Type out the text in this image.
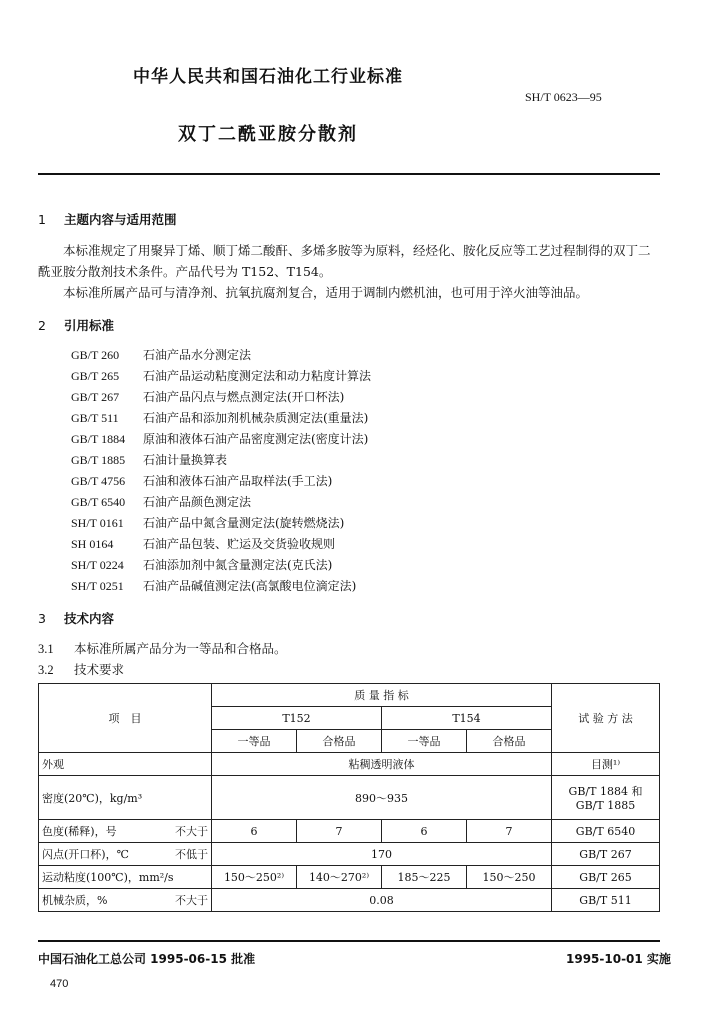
中华人民共和国石油化工行业标准
SH/T 0623—95
双丁二酰亚胺分散剂
1 主题内容与适用范围

本标准规定了用聚异丁烯、顺丁烯二酸酐、多烯多胺等为原料，经烃化、胺化反应等工艺过程制得的双丁二酰亚胺分散剂技术条件。产品代号为 T152、T154。

本标准所属产品可与清净剂、抗氧抗腐剂复合，适用于调制内燃机油，也可用于淬火油等油品。

2 引用标准
GB/T 260 石油产品水分测定法
GB/T 265 石油产品运动粘度测定法和动力粘度计算法
GB/T 267 石油产品闪点与燃点测定法(开口杯法)
GB/T 511 石油产品和添加剂机械杂质测定法(重量法)
GB/T 1884 原油和液体石油产品密度测定法(密度计法)
GB/T 1885 石油计量换算表
GB/T 4756 石油和液体石油产品取样法(手工法)
GB/T 6540 石油产品颜色测定法
SH/T 0161 石油产品中氮含量测定法(旋转燃烧法)
SH 0164 石油产品包装、贮运及交货验收规则
SH/T 0224 石油添加剂中氮含量测定法(克氏法)
SH/T 0251 石油产品碱值测定法(高氯酸电位滴定法)
3 技术内容
3.1 本标准所属产品分为一等品和合格品。
3.2 技术要求
项　目	质 量 指 标				试 验 方 法
	T152		T154		
	一等品	合格品	一等品	合格品	
外观	粘稠透明液体				目测¹⁾
密度(20℃)，kg/m³	890～935				GB/T 1884 和
GB/T 1885

色度(稀释)，号 不大于	6	7	6	7	GB/T 6540
闪点(开口杯)，℃ 不低于	170				GB/T 267
运动粘度(100℃)，mm²/s	150～250²⁾	140～270²⁾	185～225	150～250	GB/T 265
机械杂质，% 不大于	0.08				GB/T 511
中国石油化工总公司 1995-06-15 批准	1995-10-01 实施
470
